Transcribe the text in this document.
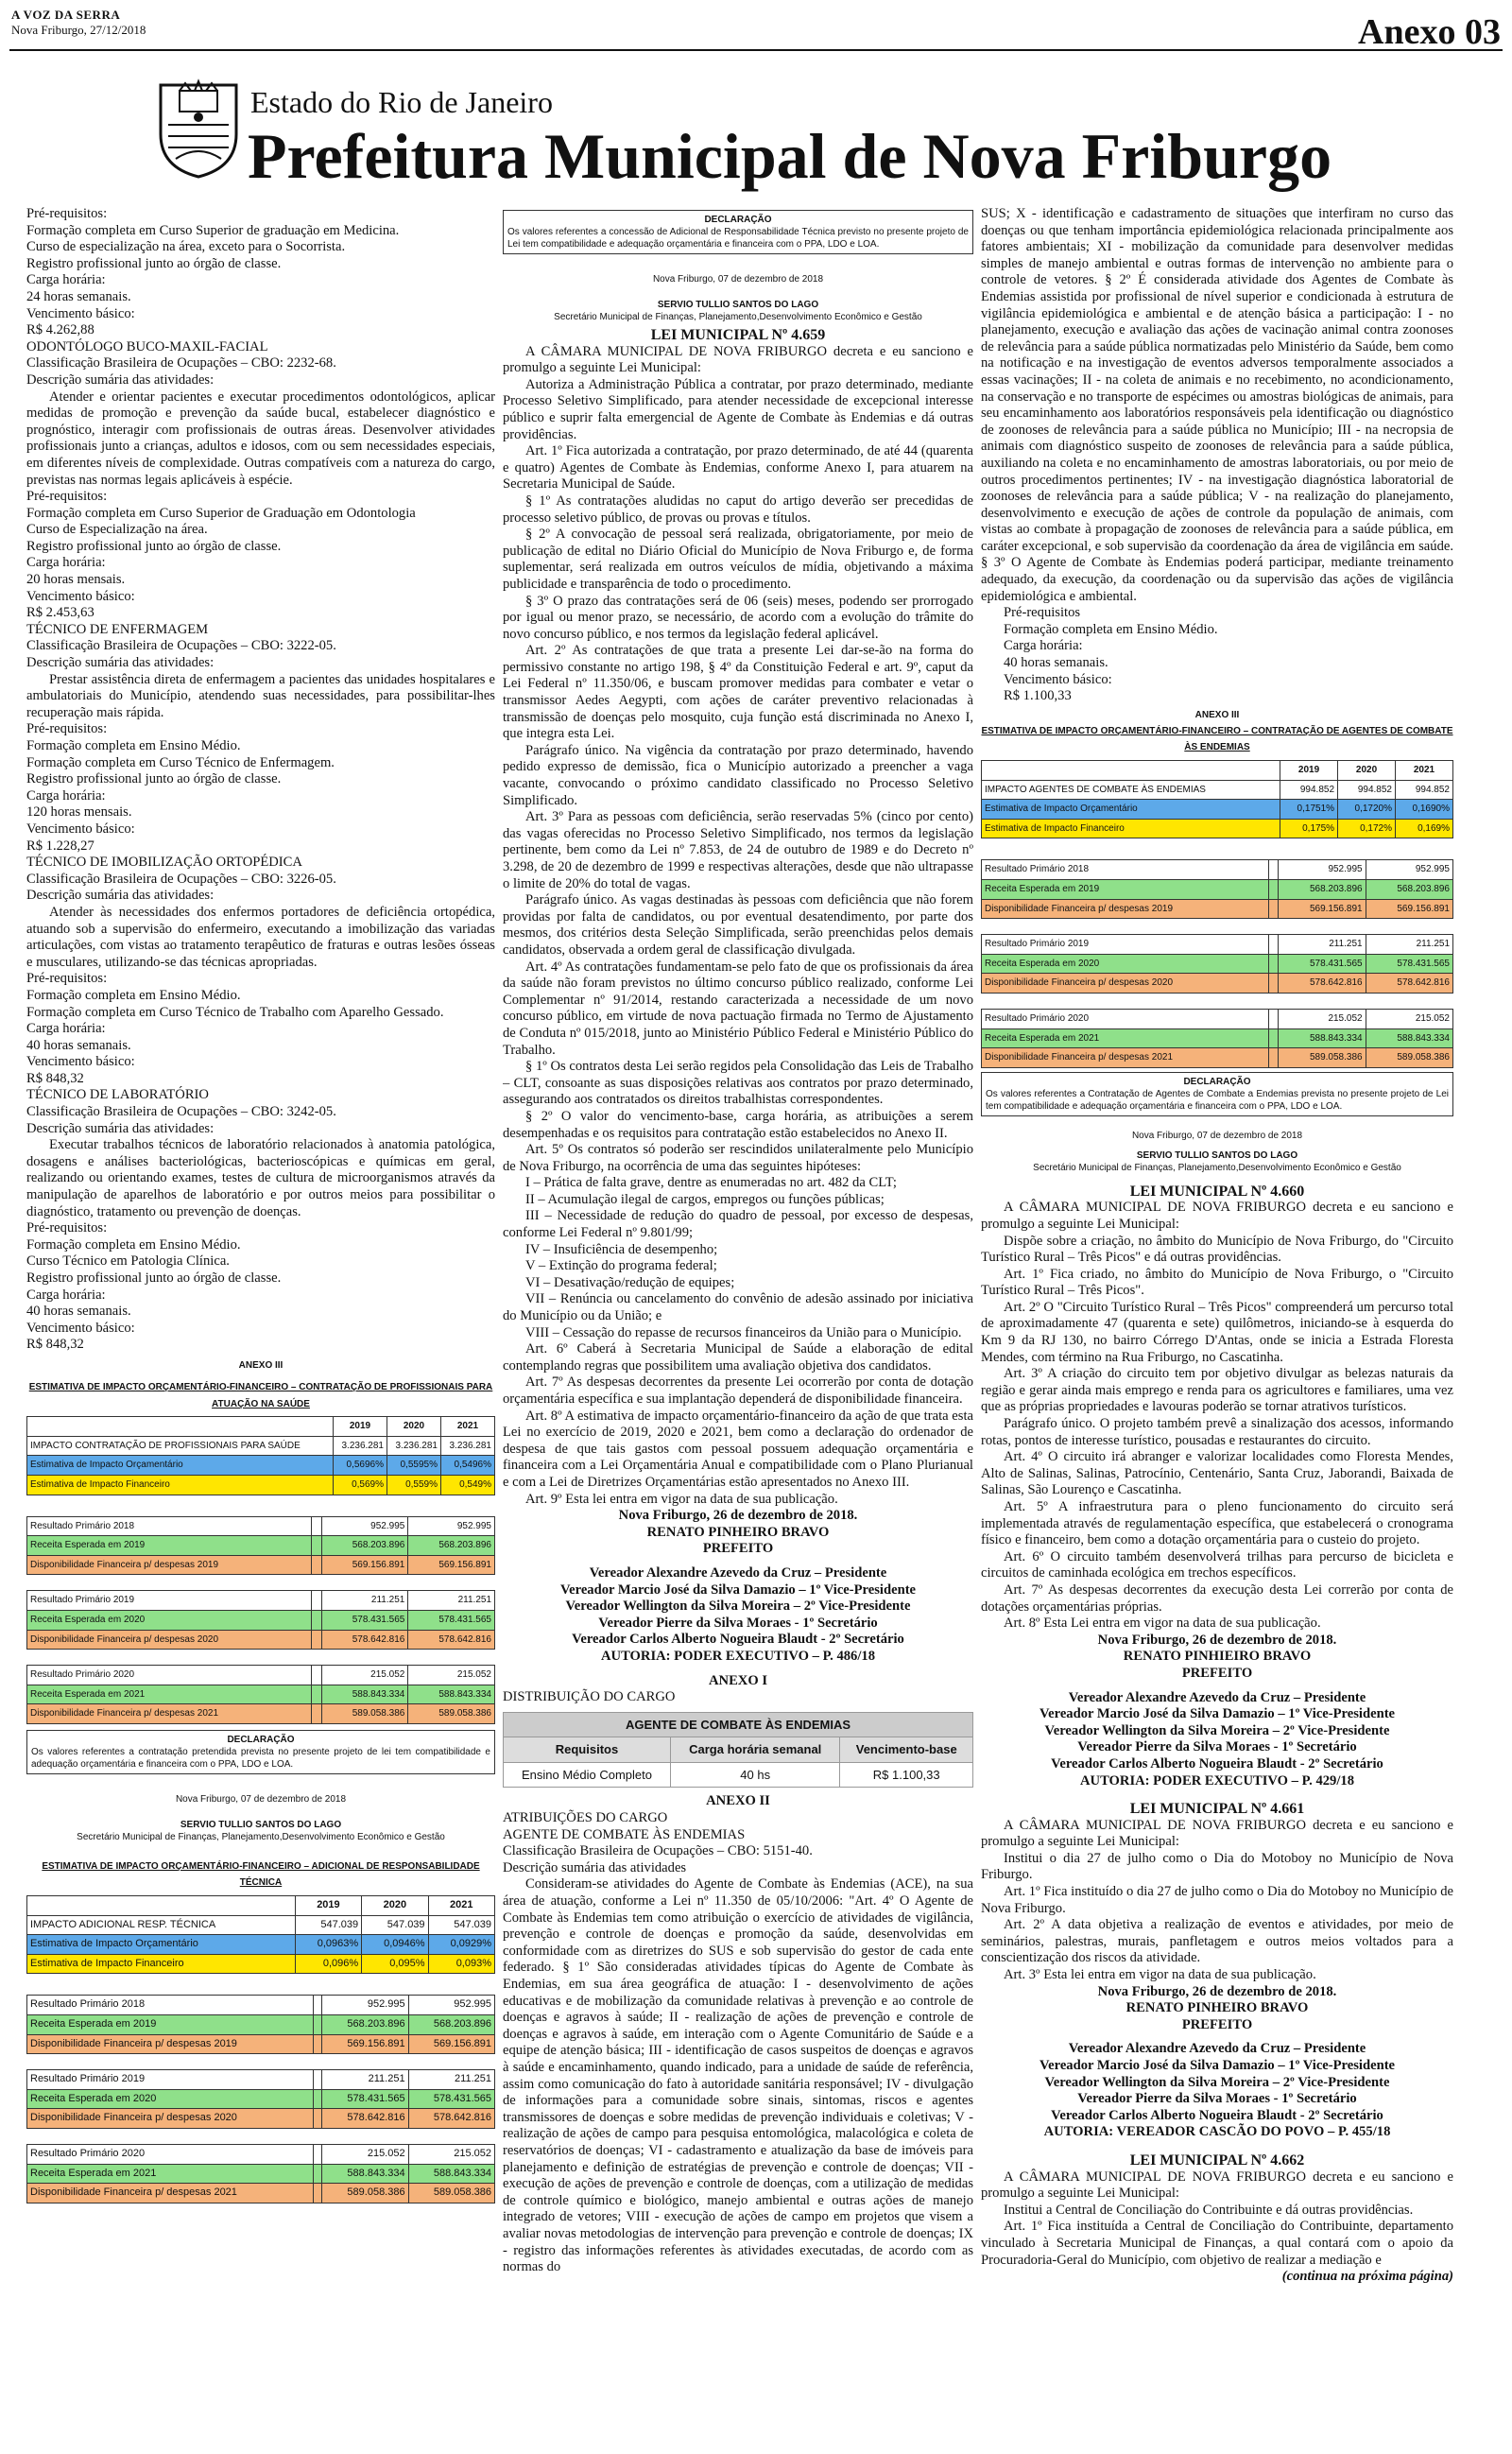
A VOZ DA SERRA
Nova Friburgo, 27/12/2018	Anexo 03
Estado do Rio de Janeiro
Prefeitura Municipal de Nova Friburgo

Pré-requisitos:

Formação completa em Curso Superior de graduação em Medicina.

Curso de especialização na área, exceto para o Socorrista.

Registro profissional junto ao órgão de classe.

Carga horária:

24 horas semanais.

Vencimento básico:

R$ 4.262,88

ODONTÓLOGO BUCO-MAXIL-FACIAL

Classificação Brasileira de Ocupações – CBO: 2232-68.

Descrição sumária das atividades:

Atender e orientar pacientes e executar procedimentos odontológicos, aplicar medidas de promoção e prevenção da saúde bucal, estabelecer diagnóstico e prognóstico, interagir com profissionais de outras áreas. Desenvolver atividades profissionais junto a crianças, adultos e idosos, com ou sem necessidades especiais, em diferentes níveis de complexidade. Outras compatíveis com a natureza do cargo, previstas nas normas legais aplicáveis à espécie.

Pré-requisitos:

Formação completa em Curso Superior de Graduação em Odontologia

Curso de Especialização na área.

Registro profissional junto ao órgão de classe.

Carga horária:

20 horas mensais.

Vencimento básico:

R$ 2.453,63

TÉCNICO DE ENFERMAGEM

Classificação Brasileira de Ocupações – CBO: 3222-05.

Descrição sumária das atividades:

Prestar assistência direta de enfermagem a pacientes das unidades hospitalares e ambulatoriais do Município, atendendo suas necessidades, para possibilitar-lhes recuperação mais rápida.

Pré-requisitos:

Formação completa em Ensino Médio.

Formação completa em Curso Técnico de Enfermagem.

Registro profissional junto ao órgão de classe.

Carga horária:

120 horas mensais.

Vencimento básico:

R$ 1.228,27

TÉCNICO DE IMOBILIZAÇÃO ORTOPÉDICA

Classificação Brasileira de Ocupações – CBO: 3226-05.

Descrição sumária das atividades:

Atender às necessidades dos enfermos portadores de deficiência ortopédica, atuando sob a supervisão do enfermeiro, executando a imobilização das variadas articulações, com vistas ao tratamento terapêutico de fraturas e outras lesões ósseas e musculares, utilizando-se das técnicas apropriadas.

Pré-requisitos:

Formação completa em Ensino Médio.

Formação completa em Curso Técnico de Trabalho com Aparelho Gessado.

Carga horária:

40 horas semanais.

Vencimento básico:

R$ 848,32

TÉCNICO DE LABORATÓRIO

Classificação Brasileira de Ocupações – CBO: 3242-05.

Descrição sumária das atividades:

Executar trabalhos técnicos de laboratório relacionados à anatomia patológica, dosagens e análises bacteriológicas, bacterioscópicas e químicas em geral, realizando ou orientando exames, testes de cultura de microorganismos através da manipulação de aparelhos de laboratório e por outros meios para possibilitar o diagnóstico, tratamento ou prevenção de doenças.

Pré-requisitos:

Formação completa em Ensino Médio.

Curso Técnico em Patologia Clínica.

Registro profissional junto ao órgão de classe.

Carga horária:

40 horas semanais.

Vencimento básico:

R$ 848,32

ANEXO III

ESTIMATIVA DE IMPACTO ORÇAMENTÁRIO-FINANCEIRO – CONTRATAÇÃO DE PROFISSIONAIS PARA ATUAÇÃO NA SAÚDE
	2019	2020	2021
IMPACTO CONTRATAÇÃO DE PROFISSIONAIS PARA SAÚDE	3.236.281	3.236.281	3.236.281
Estimativa de Impacto Orçamentário	0,5696%	0,5595%	0,5496%
Estimativa de Impacto Financeiro	0,569%	0,559%	0,549%
Resultado Primário 2018		952.995	952.995
Receita Esperada em 2019		568.203.896	568.203.896
Disponibilidade Financeira p/ despesas 2019		569.156.891	569.156.891
Resultado Primário 2019		211.251	211.251
Receita Esperada em 2020		578.431.565	578.431.565
Disponibilidade Financeira p/ despesas 2020		578.642.816	578.642.816
Resultado Primário 2020		215.052	215.052
Receita Esperada em 2021		588.843.334	588.843.334
Disponibilidade Financeira p/ despesas 2021		589.058.386	589.058.386
DECLARAÇÃO
Os valores referentes a contratação pretendida prevista no presente projeto de lei tem compatibilidade e adequação orçamentária e financeira com o PPA, LDO e LOA.

Nova Friburgo, 07 de dezembro de 2018

SERVIO TULLIO SANTOS DO LAGO

Secretário Municipal de Finanças, Planejamento,Desenvolvimento Econômico e Gestão

ESTIMATIVA DE IMPACTO ORÇAMENTÁRIO-FINANCEIRO – ADICIONAL DE RESPONSABILIDADE TÉCNICA
	2019	2020	2021
IMPACTO ADICIONAL RESP. TÉCNICA	547.039	547.039	547.039
Estimativa de Impacto Orçamentário	0,0963%	0,0946%	0,0929%
Estimativa de Impacto Financeiro	0,096%	0,095%	0,093%
Resultado Primário 2018		952.995	952.995
Receita Esperada em 2019		568.203.896	568.203.896
Disponibilidade Financeira p/ despesas 2019		569.156.891	569.156.891
Resultado Primário 2019		211.251	211.251
Receita Esperada em 2020		578.431.565	578.431.565
Disponibilidade Financeira p/ despesas 2020		578.642.816	578.642.816
Resultado Primário 2020		215.052	215.052
Receita Esperada em 2021		588.843.334	588.843.334
Disponibilidade Financeira p/ despesas 2021		589.058.386	589.058.386
DECLARAÇÃO
Os valores referentes a concessão de Adicional de Responsabilidade Técnica previsto no presente projeto de Lei tem compatibilidade e adequação orçamentária e financeira com o PPA, LDO e LOA.

Nova Friburgo, 07 de dezembro de 2018

SERVIO TULLIO SANTOS DO LAGO

Secretário Municipal de Finanças, Planejamento,Desenvolvimento Econômico e Gestão

LEI MUNICIPAL Nº 4.659

A CÂMARA MUNICIPAL DE NOVA FRIBURGO decreta e eu sanciono e promulgo a seguinte Lei Municipal:

Autoriza a Administração Pública a contratar, por prazo determinado, mediante Processo Seletivo Simplificado, para atender necessidade de excepcional interesse público e suprir falta emergencial de Agente de Combate às Endemias e dá outras providências.

Art. 1º Fica autorizada a contratação, por prazo determinado, de até 44 (quarenta e quatro) Agentes de Combate às Endemias, conforme Anexo I, para atuarem na Secretaria Municipal de Saúde.

§ 1º As contratações aludidas no caput do artigo deverão ser precedidas de processo seletivo público, de provas ou provas e títulos.

§ 2º A convocação de pessoal será realizada, obrigatoriamente, por meio de publicação de edital no Diário Oficial do Município de Nova Friburgo e, de forma suplementar, será realizada em outros veículos de mídia, objetivando a máxima publicidade e transparência de todo o procedimento.

§ 3º O prazo das contratações será de 06 (seis) meses, podendo ser prorrogado por igual ou menor prazo, se necessário, de acordo com a evolução do trâmite do novo concurso público, e nos termos da legislação federal aplicável.

Art. 2º As contratações de que trata a presente Lei dar-se-ão na forma do permissivo constante no artigo 198, § 4º da Constituição Federal e art. 9º, caput da Lei Federal nº 11.350/06, e buscam promover medidas para combater e vetar o transmissor Aedes Aegypti, com ações de caráter preventivo relacionadas à transmissão de doenças pelo mosquito, cuja função está discriminada no Anexo I, que integra esta Lei.

Parágrafo único. Na vigência da contratação por prazo determinado, havendo pedido expresso de demissão, fica o Município autorizado a preencher a vaga vacante, convocando o próximo candidato classificado no Processo Seletivo Simplificado.

Art. 3º Para as pessoas com deficiência, serão reservadas 5% (cinco por cento) das vagas oferecidas no Processo Seletivo Simplificado, nos termos da legislação pertinente, bem como da Lei nº 7.853, de 24 de outubro de 1989 e do Decreto nº 3.298, de 20 de dezembro de 1999 e respectivas alterações, desde que não ultrapasse o limite de 20% do total de vagas.

Parágrafo único. As vagas destinadas às pessoas com deficiência que não forem providas por falta de candidatos, ou por eventual desatendimento, por parte dos mesmos, dos critérios desta Seleção Simplificada, serão preenchidas pelos demais candidatos, observada a ordem geral de classificação divulgada.

Art. 4º As contratações fundamentam-se pelo fato de que os profissionais da área da saúde não foram previstos no último concurso público realizado, conforme Lei Complementar nº 91/2014, restando caracterizada a necessidade de um novo concurso público, em virtude de nova pactuação firmada no Termo de Ajustamento de Conduta nº 015/2018, junto ao Ministério Público Federal e Ministério Público do Trabalho.

§ 1º Os contratos desta Lei serão regidos pela Consolidação das Leis de Trabalho – CLT, consoante as suas disposições relativas aos contratos por prazo determinado, assegurando aos contratados os direitos trabalhistas correspondentes.

§ 2º O valor do vencimento-base, carga horária, as atribuições a serem desempenhadas e os requisitos para contratação estão estabelecidos no Anexo II.

Art. 5º Os contratos só poderão ser rescindidos unilateralmente pelo Município de Nova Friburgo, na ocorrência de uma das seguintes hipóteses:

I – Prática de falta grave, dentre as enumeradas no art. 482 da CLT;

II – Acumulação ilegal de cargos, empregos ou funções públicas;

III – Necessidade de redução do quadro de pessoal, por excesso de despesas, conforme Lei Federal nº 9.801/99;

IV – Insuficiência de desempenho;

V – Extinção do programa federal;

VI – Desativação/redução de equipes;

VII – Renúncia ou cancelamento do convênio de adesão assinado por iniciativa do Município ou da União; e

VIII – Cessação do repasse de recursos financeiros da União para o Município.

Art. 6º Caberá à Secretaria Municipal de Saúde a elaboração de edital contemplando regras que possibilitem uma avaliação objetiva dos candidatos.

Art. 7º As despesas decorrentes da presente Lei ocorrerão por conta de dotação orçamentária específica e sua implantação dependerá de disponibilidade financeira.

Art. 8º A estimativa de impacto orçamentário-financeiro da ação de que trata esta Lei no exercício de 2019, 2020 e 2021, bem como a declaração do ordenador de despesa de que tais gastos com pessoal possuem adequação orçamentária e financeira com a Lei Orçamentária Anual e compatibilidade com o Plano Plurianual e com a Lei de Diretrizes Orçamentárias estão apresentados no Anexo III.

Art. 9º Esta lei entra em vigor na data de sua publicação.

Nova Friburgo, 26 de dezembro de 2018.

RENATO PINHEIRO BRAVO

PREFEITO

Vereador Alexandre Azevedo da Cruz – Presidente

Vereador Marcio José da Silva Damazio – 1º Vice-Presidente

Vereador Wellington da Silva Moreira – 2º Vice-Presidente

Vereador Pierre da Silva Moraes - 1º Secretário

Vereador Carlos Alberto Nogueira Blaudt - 2º Secretário

AUTORIA: PODER EXECUTIVO – P. 486/18

ANEXO I

DISTRIBUIÇÃO DO CARGO

AGENTE DE COMBATE ÀS ENDEMIAS		
Requisitos	Carga horária semanal	Vencimento-base
Ensino Médio Completo	40 hs	R$ 1.100,33

ANEXO II

ATRIBUIÇÕES DO CARGO

AGENTE DE COMBATE ÀS ENDEMIAS

Classificação Brasileira de Ocupações – CBO: 5151-40.

Descrição sumária das atividades

Consideram-se atividades do Agente de Combate às Endemias (ACE), na sua área de atuação, conforme a Lei nº 11.350 de 05/10/2006: "Art. 4º O Agente de Combate às Endemias tem como atribuição o exercício de atividades de vigilância, prevenção e controle de doenças e promoção da saúde, desenvolvidas em conformidade com as diretrizes do SUS e sob supervisão do gestor de cada ente federado. § 1º São consideradas atividades típicas do Agente de Combate às Endemias, em sua área geográfica de atuação: I - desenvolvimento de ações educativas e de mobilização da comunidade relativas à prevenção e ao controle de doenças e agravos à saúde; II - realização de ações de prevenção e controle de doenças e agravos à saúde, em interação com o Agente Comunitário de Saúde e a equipe de atenção básica; III - identificação de casos suspeitos de doenças e agravos à saúde e encaminhamento, quando indicado, para a unidade de saúde de referência, assim como comunicação do fato à autoridade sanitária responsável; IV - divulgação de informações para a comunidade sobre sinais, sintomas, riscos e agentes transmissores de doenças e sobre medidas de prevenção individuais e coletivas; V - realização de ações de campo para pesquisa entomológica, malacológica e coleta de reservatórios de doenças; VI - cadastramento e atualização da base de imóveis para planejamento e definição de estratégias de prevenção e controle de doenças; VII - execução de ações de prevenção e controle de doenças, com a utilização de medidas de controle químico e biológico, manejo ambiental e outras ações de manejo integrado de vetores; VIII - execução de ações de campo em projetos que visem a avaliar novas metodologias de intervenção para prevenção e controle de doenças; IX - registro das informações referentes às atividades executadas, de acordo com as normas do

SUS; X - identificação e cadastramento de situações que interfiram no curso das doenças ou que tenham importância epidemiológica relacionada principalmente aos fatores ambientais; XI - mobilização da comunidade para desenvolver medidas simples de manejo ambiental e outras formas de intervenção no ambiente para o controle de vetores. § 2º É considerada atividade dos Agentes de Combate às Endemias assistida por profissional de nível superior e condicionada à estrutura de vigilância epidemiológica e ambiental e de atenção básica a participação: I - no planejamento, execução e avaliação das ações de vacinação animal contra zoonoses de relevância para a saúde pública normatizadas pelo Ministério da Saúde, bem como na notificação e na investigação de eventos adversos temporalmente associados a essas vacinações; II - na coleta de animais e no recebimento, no acondicionamento, na conservação e no transporte de espécimes ou amostras biológicas de animais, para seu encaminhamento aos laboratórios responsáveis pela identificação ou diagnóstico de zoonoses de relevância para a saúde pública no Município; III - na necropsia de animais com diagnóstico suspeito de zoonoses de relevância para a saúde pública, auxiliando na coleta e no encaminhamento de amostras laboratoriais, ou por meio de outros procedimentos pertinentes; IV - na investigação diagnóstica laboratorial de zoonoses de relevância para a saúde pública; V - na realização do planejamento, desenvolvimento e execução de ações de controle da população de animais, com vistas ao combate à propagação de zoonoses de relevância para a saúde pública, em caráter excepcional, e sob supervisão da coordenação da área de vigilância em saúde. § 3º O Agente de Combate às Endemias poderá participar, mediante treinamento adequado, da execução, da coordenação ou da supervisão das ações de vigilância epidemiológica e ambiental.

Pré-requisitos

Formação completa em Ensino Médio.

Carga horária:

40 horas semanais.

Vencimento básico:

R$ 1.100,33

ANEXO III

ESTIMATIVA DE IMPACTO ORÇAMENTÁRIO-FINANCEIRO – CONTRATAÇÃO DE AGENTES DE COMBATE ÀS ENDEMIAS
	2019	2020	2021
IMPACTO AGENTES DE COMBATE ÀS ENDEMIAS	994.852	994.852	994.852
Estimativa de Impacto Orçamentário	0,1751%	0,1720%	0,1690%
Estimativa de Impacto Financeiro	0,175%	0,172%	0,169%
Resultado Primário 2018		952.995	952.995
Receita Esperada em 2019		568.203.896	568.203.896
Disponibilidade Financeira p/ despesas 2019		569.156.891	569.156.891
Resultado Primário 2019		211.251	211.251
Receita Esperada em 2020		578.431.565	578.431.565
Disponibilidade Financeira p/ despesas 2020		578.642.816	578.642.816
Resultado Primário 2020		215.052	215.052
Receita Esperada em 2021		588.843.334	588.843.334
Disponibilidade Financeira p/ despesas 2021		589.058.386	589.058.386
DECLARAÇÃO
Os valores referentes a Contratação de Agentes de Combate a Endemias prevista no presente projeto de Lei tem compatibilidade e adequação orçamentária e financeira com o PPA, LDO e LOA.

Nova Friburgo, 07 de dezembro de 2018

SERVIO TULLIO SANTOS DO LAGO

Secretário Municipal de Finanças, Planejamento,Desenvolvimento Econômico e Gestão

LEI MUNICIPAL Nº 4.660

A CÂMARA MUNICIPAL DE NOVA FRIBURGO decreta e eu sanciono e promulgo a seguinte Lei Municipal:

Dispõe sobre a criação, no âmbito do Município de Nova Friburgo, do "Circuito Turístico Rural – Três Picos" e dá outras providências.

Art. 1º Fica criado, no âmbito do Município de Nova Friburgo, o "Circuito Turístico Rural – Três Picos".

Art. 2º O "Circuito Turístico Rural – Três Picos" compreenderá um percurso total de aproximadamente 47 (quarenta e sete) quilômetros, iniciando-se à esquerda do Km 9 da RJ 130, no bairro Córrego D'Antas, onde se inicia a Estrada Floresta Mendes, com término na Rua Friburgo, no Cascatinha.

Art. 3º A criação do circuito tem por objetivo divulgar as belezas naturais da região e gerar ainda mais emprego e renda para os agricultores e familiares, uma vez que as próprias propriedades e lavouras poderão se tornar atrativos turísticos.

Parágrafo único. O projeto também prevê a sinalização dos acessos, informando rotas, pontos de interesse turístico, pousadas e restaurantes do circuito.

Art. 4º O circuito irá abranger e valorizar localidades como Floresta Mendes, Alto de Salinas, Salinas, Patrocínio, Centenário, Santa Cruz, Jaborandi, Baixada de Salinas, São Lourenço e Cascatinha.

Art. 5º A infraestrutura para o pleno funcionamento do circuito será implementada através de regulamentação específica, que estabelecerá o cronograma físico e financeiro, bem como a dotação orçamentária para o custeio do projeto.

Art. 6º O circuito também desenvolverá trilhas para percurso de bicicleta e circuitos de caminhada ecológica em trechos específicos.

Art. 7º As despesas decorrentes da execução desta Lei correrão por conta de dotações orçamentárias próprias.

Art. 8º Esta Lei entra em vigor na data de sua publicação.

Nova Friburgo, 26 de dezembro de 2018.

RENATO PINHIEIRO BRAVO

PREFEITO

Vereador Alexandre Azevedo da Cruz – Presidente

Vereador Marcio José da Silva Damazio – 1º Vice-Presidente

Vereador Wellington da Silva Moreira – 2º Vice-Presidente

Vereador Pierre da Silva Moraes - 1º Secretário

Vereador Carlos Alberto Nogueira Blaudt - 2º Secretário

AUTORIA: PODER EXECUTIVO – P. 429/18

LEI MUNICIPAL Nº 4.661

A CÂMARA MUNICIPAL DE NOVA FRIBURGO decreta e eu sanciono e promulgo a seguinte Lei Municipal:

Institui o dia 27 de julho como o Dia do Motoboy no Município de Nova Friburgo.

Art. 1º Fica instituído o dia 27 de julho como o Dia do Motoboy no Município de Nova Friburgo.

Art. 2º A data objetiva a realização de eventos e atividades, por meio de seminários, palestras, murais, panfletagem e outros meios voltados para a conscientização dos riscos da atividade.

Art. 3º Esta lei entra em vigor na data de sua publicação.

Nova Friburgo, 26 de dezembro de 2018.

RENATO PINHEIRO BRAVO

PREFEITO

Vereador Alexandre Azevedo da Cruz – Presidente

Vereador Marcio José da Silva Damazio – 1º Vice-Presidente

Vereador Wellington da Silva Moreira – 2º Vice-Presidente

Vereador Pierre da Silva Moraes - 1º Secretário

Vereador Carlos Alberto Nogueira Blaudt - 2º Secretário

AUTORIA: VEREADOR CASCÃO DO POVO – P. 455/18

LEI MUNICIPAL Nº 4.662

A CÂMARA MUNICIPAL DE NOVA FRIBURGO decreta e eu sanciono e promulgo a seguinte Lei Municipal:

Institui a Central de Conciliação do Contribuinte e dá outras providências.

Art. 1º Fica instituída a Central de Conciliação do Contribuinte, departamento vinculado à Secretaria Municipal de Finanças, a qual contará com o apoio da Procuradoria-Geral do Município, com objetivo de realizar a mediação e

(continua na próxima página)
